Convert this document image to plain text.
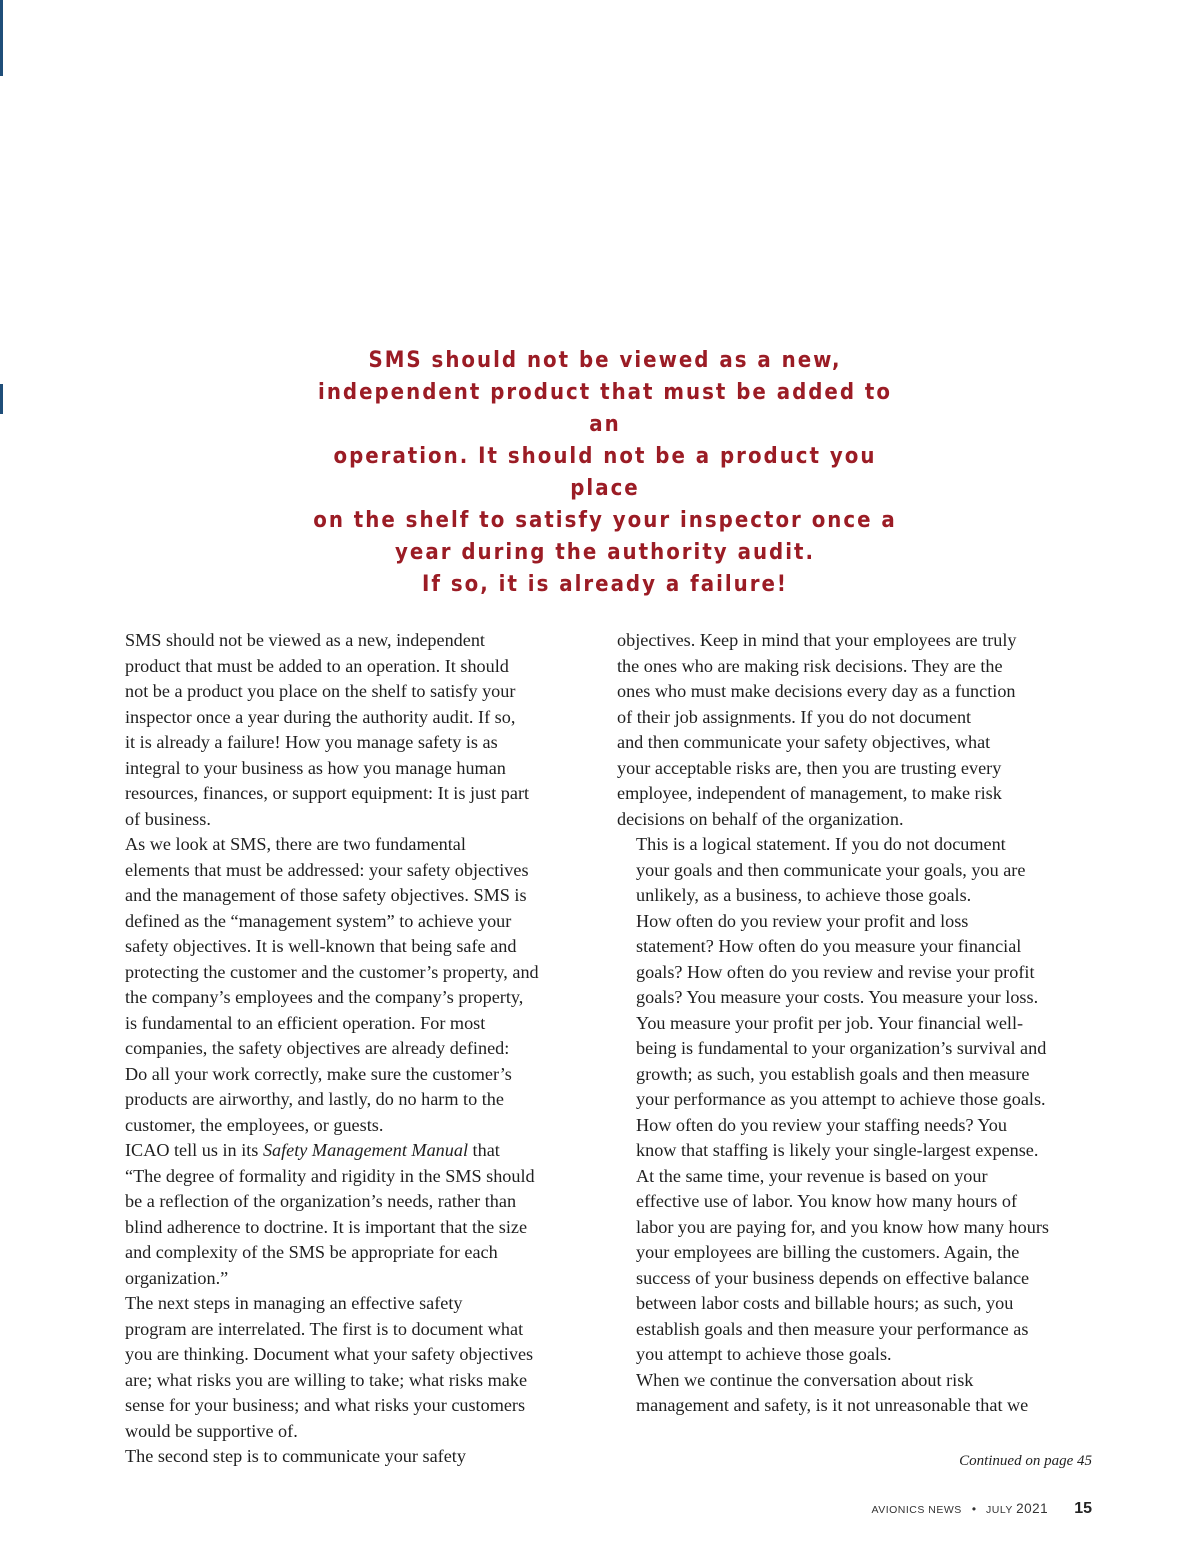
SMS should not be viewed as a new,

independent product that must be added to an

operation. It should not be a product you place

on the shelf to satisfy your inspector once a

year during the authority audit.

If so, it is already a failure!

SMS should not be viewed as a new, independent
product that must be added to an operation. It should
not be a product you place on the shelf to satisfy your
inspector once a year during the authority audit. If so,
it is already a failure! How you manage safety is as
integral to your business as how you manage human
resources, finances, or support equipment: It is just part
of business.

As we look at SMS, there are two fundamental
elements that must be addressed: your safety objectives
and the management of those safety objectives. SMS is
defined as the “management system” to achieve your
safety objectives. It is well-known that being safe and
protecting the customer and the customer’s property, and
the company’s employees and the company’s property,
is fundamental to an efficient operation. For most
companies, the safety objectives are already defined:
Do all your work correctly, make sure the customer’s
products are airworthy, and lastly, do no harm to the
customer, the employees, or guests.

ICAO tell us in its Safety Management Manual that
“The degree of formality and rigidity in the SMS should
be a reflection of the organization’s needs, rather than
blind adherence to doctrine. It is important that the size
and complexity of the SMS be appropriate for each
organization.”

The next steps in managing an effective safety
program are interrelated. The first is to document what
you are thinking. Document what your safety objectives
are; what risks you are willing to take; what risks make
sense for your business; and what risks your customers
would be supportive of.

The second step is to communicate your safety

objectives. Keep in mind that your employees are truly
the ones who are making risk decisions. They are the
ones who must make decisions every day as a function
of their job assignments. If you do not document
and then communicate your safety objectives, what
your acceptable risks are, then you are trusting every
employee, independent of management, to make risk
decisions on behalf of the organization.

This is a logical statement. If you do not document
your goals and then communicate your goals, you are
unlikely, as a business, to achieve those goals.

How often do you review your profit and loss
statement? How often do you measure your financial
goals? How often do you review and revise your profit
goals? You measure your costs. You measure your loss.
You measure your profit per job. Your financial well-
being is fundamental to your organization’s survival and
growth; as such, you establish goals and then measure
your performance as you attempt to achieve those goals.

How often do you review your staffing needs? You
know that staffing is likely your single-largest expense.
At the same time, your revenue is based on your
effective use of labor. You know how many hours of
labor you are paying for, and you know how many hours
your employees are billing the customers. Again, the
success of your business depends on effective balance
between labor costs and billable hours; as such, you
establish goals and then measure your performance as
you attempt to achieve those goals.

When we continue the conversation about risk
management and safety, is it not unreasonable that we

Continued on page 45
AVIONICS NEWS • JULY 2021 15
